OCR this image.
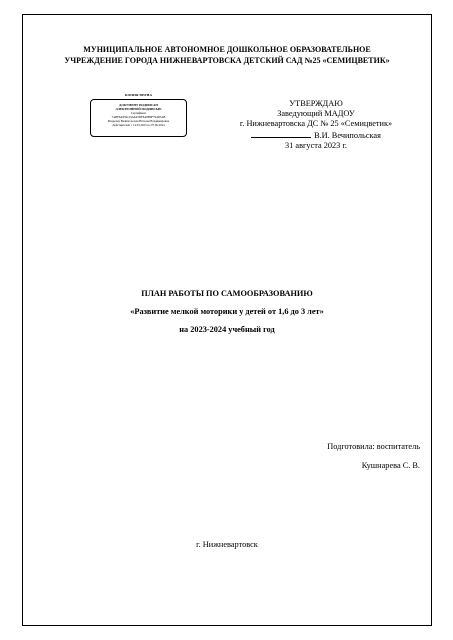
МУНИЦИПАЛЬНОЕ АВТОНОМНОЕ ДОШКОЛЬНОЕ ОБРАЗОВАТЕЛЬНОЕ
УЧРЕЖДЕНИЕ ГОРОДА НИЖНЕВАРТОВСКА ДЕТСКИЙ САД №25 «СЕМИЦВЕТИК»
КОПИЯ ВЕРНА
ДОКУМЕНТ ПОДПИСАН
ЭЛЕКТРОННОЙ ПОДПИСЬЮ
Сертификат
7ABF6A659123A6A5DF6A8B9F794D7AB
Владелец Вечипольская Наталья Владимировна
Действителен с 14.03.2023 по 07.06.2024
УТВЕРЖДАЮ
Заведующий МАДОУ
г. Нижневартовска ДС № 25 «Семицветик»
В.И. Вечипольская
31 августа 2023 г.
ПЛАН РАБОТЫ ПО САМООБРАЗОВАНИЮ
«Развитие мелкой моторики у детей от 1,6 до 3 лет»
на 2023-2024 учебный год
Подготовила: воспитатель
Кушнарева С. В.
г. Нижневартовск
